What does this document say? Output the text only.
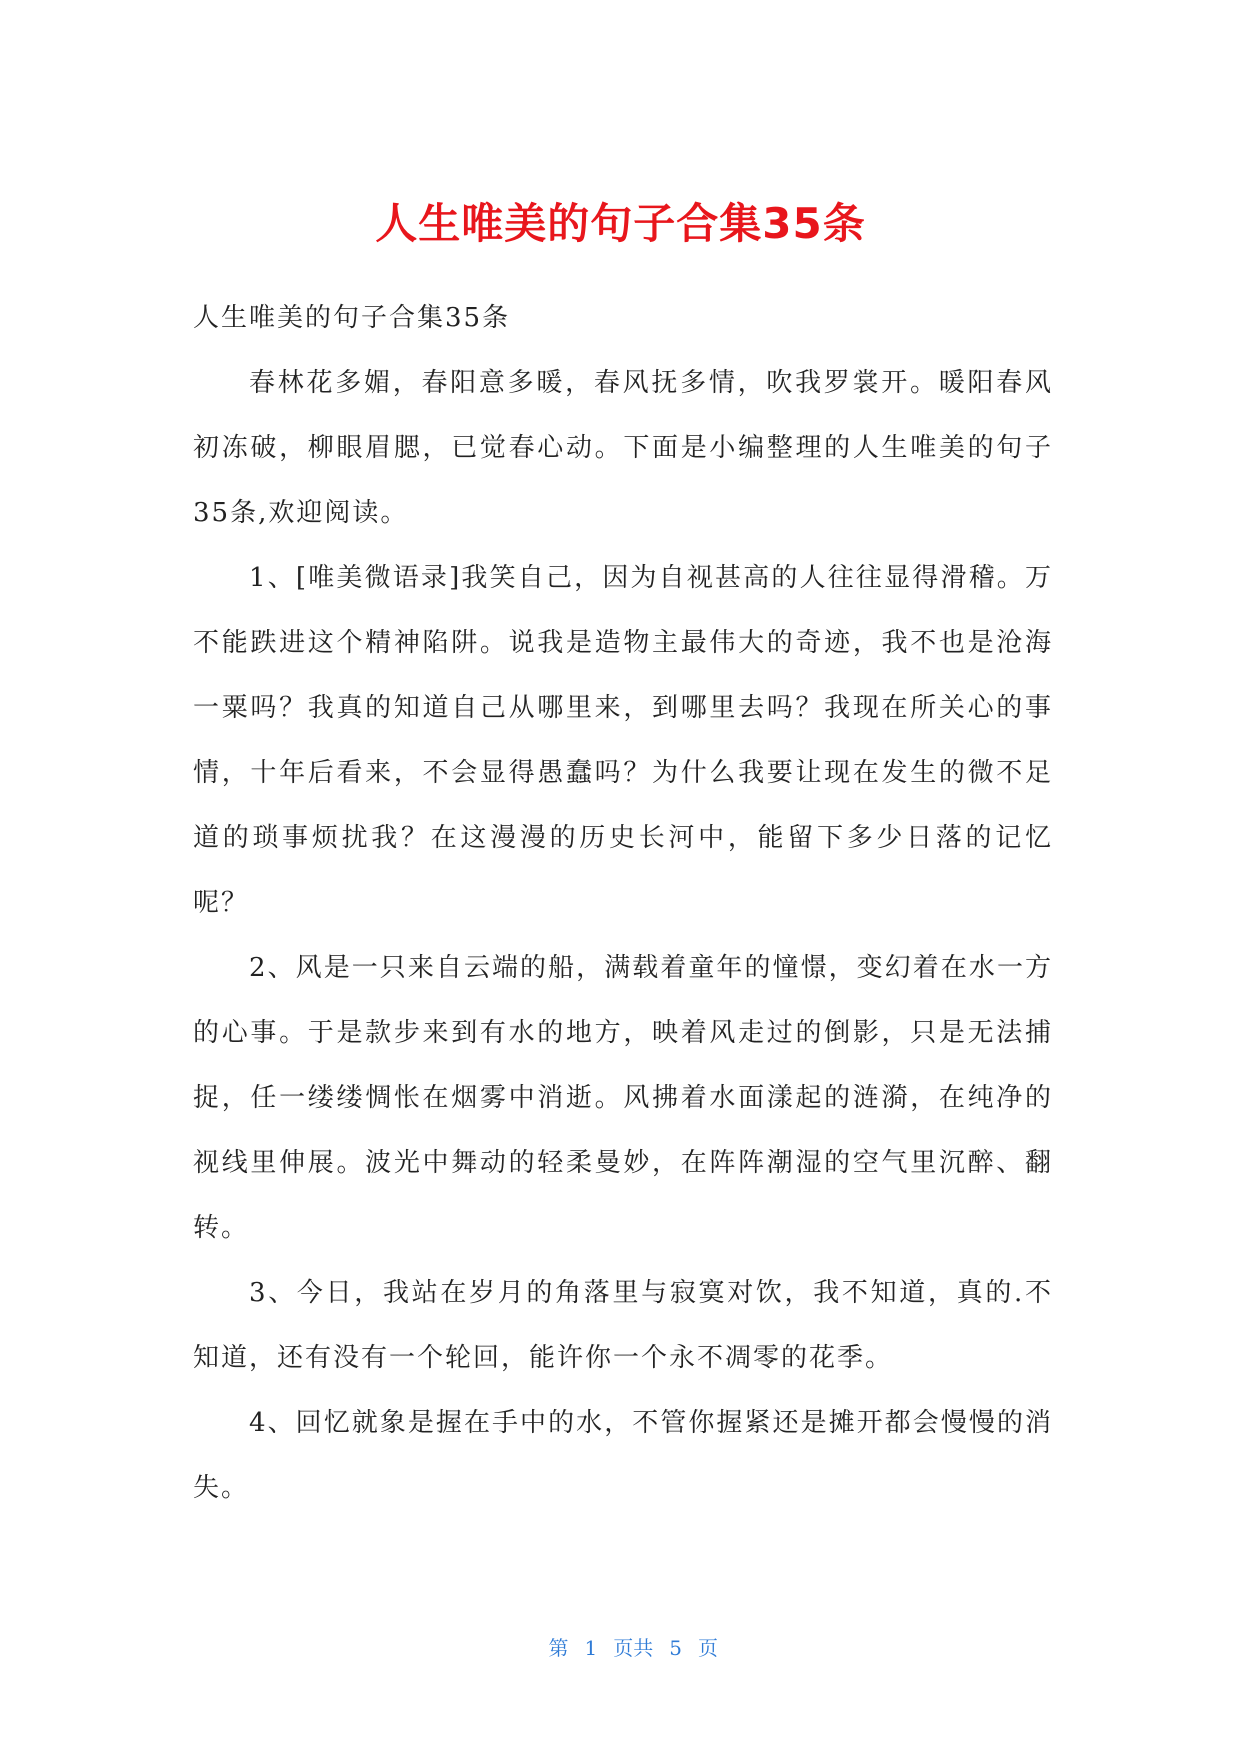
人生唯美的句子合集35条

人生唯美的句子合集35条

春林花多媚，春阳意多暖，春风抚多情，吹我罗裳开。暖阳春风初冻破，柳眼眉腮，已觉春心动。下面是小编整理的人生唯美的句子35条,欢迎阅读。

1、[唯美微语录]我笑自己，因为自视甚高的人往往显得滑稽。万不能跌进这个精神陷阱。说我是造物主最伟大的奇迹，我不也是沧海一粟吗？我真的知道自己从哪里来，到哪里去吗？我现在所关心的事情，十年后看来，不会显得愚蠢吗？为什么我要让现在发生的微不足道的琐事烦扰我？在这漫漫的历史长河中，能留下多少日落的记忆呢？

2、风是一只来自云端的船，满载着童年的憧憬，变幻着在水一方的心事。于是款步来到有水的地方，映着风走过的倒影，只是无法捕捉，任一缕缕惆怅在烟雾中消逝。风拂着水面漾起的涟漪，在纯净的视线里伸展。波光中舞动的轻柔曼妙，在阵阵潮湿的空气里沉醉、翻转。

3、今日，我站在岁月的角落里与寂寞对饮，我不知道，真的.不知道，还有没有一个轮回，能许你一个永不凋零的花季。

4、回忆就象是握在手中的水，不管你握紧还是摊开都会慢慢的消失。

第 1 页共 5 页
